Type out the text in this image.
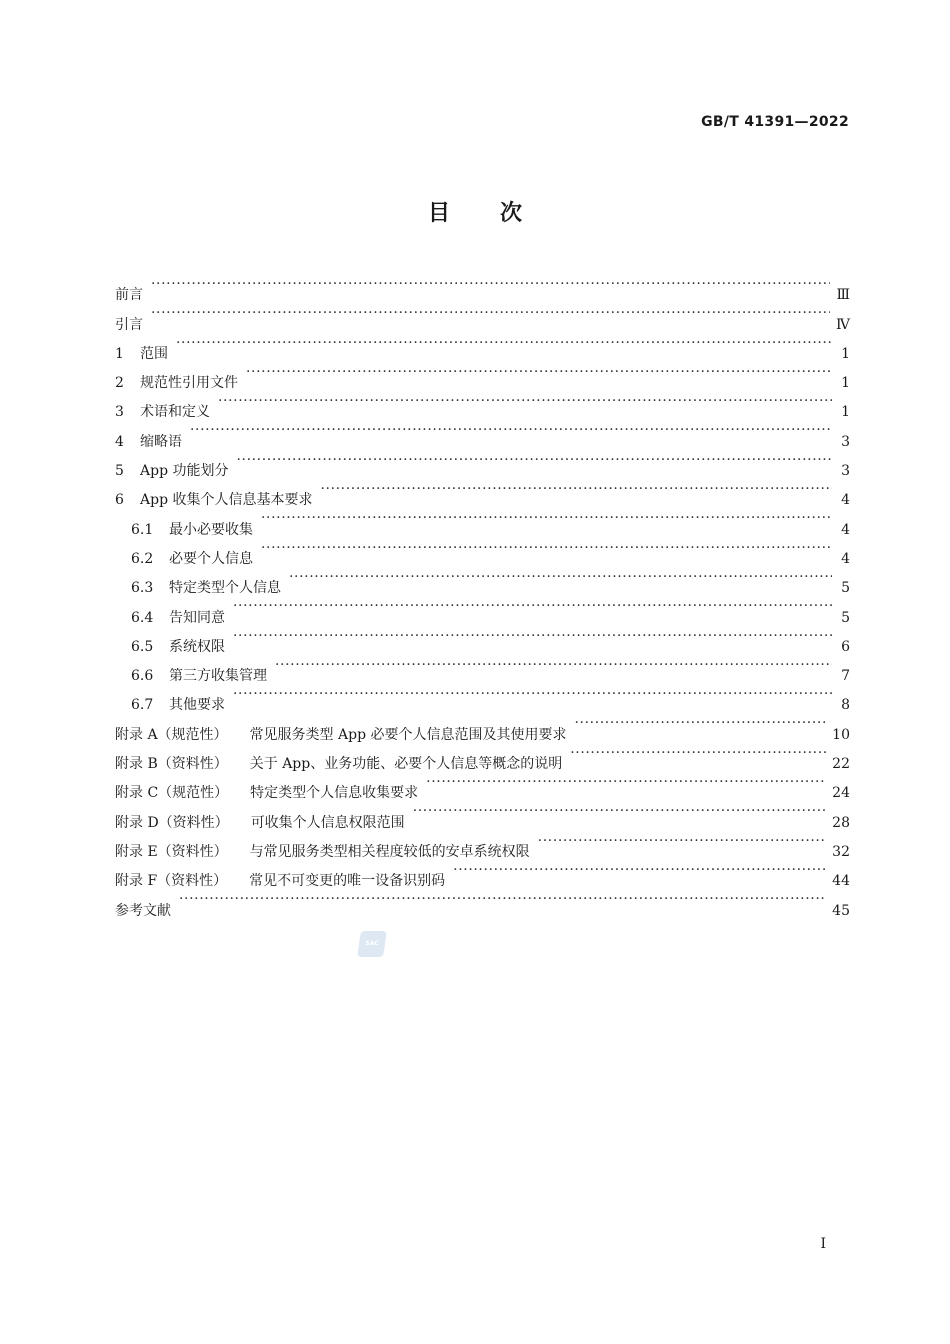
GB/T 41391—2022
目次
前言 ·····	Ⅲ
引言 ·····	Ⅳ
1	范围 ·····	1
2	规范性引用文件 ·····	1
3	术语和定义 ·····	1
4	缩略语 ·····	3
5	App 功能划分 ·····	3
6	App 收集个人信息基本要求 ·····	4
6.1	最小必要收集 ·····	4
6.2	必要个人信息 ·····	4
6.3	特定类型个人信息 ·····	5
6.4	告知同意 ·····	5
6.5	系统权限 ·····	6
6.6	第三方收集管理 ·····	7
6.7	其他要求 ·····	8
附录 A（规范性）	常见服务类型 App 必要个人信息范围及其使用要求 ·····	10
附录 B（资料性）	关于 App、业务功能、必要个人信息等概念的说明 ·····	22
附录 C（规范性）	特定类型个人信息收集要求 ·····	24
附录 D（资料性）	可收集个人信息权限范围 ·····	28
附录 E（资料性）	与常见服务类型相关程度较低的安卓系统权限 ·····	32
附录 F（资料性）	常见不可变更的唯一设备识别码 ·····	44
参考文献 ·····	45
SAC
I
